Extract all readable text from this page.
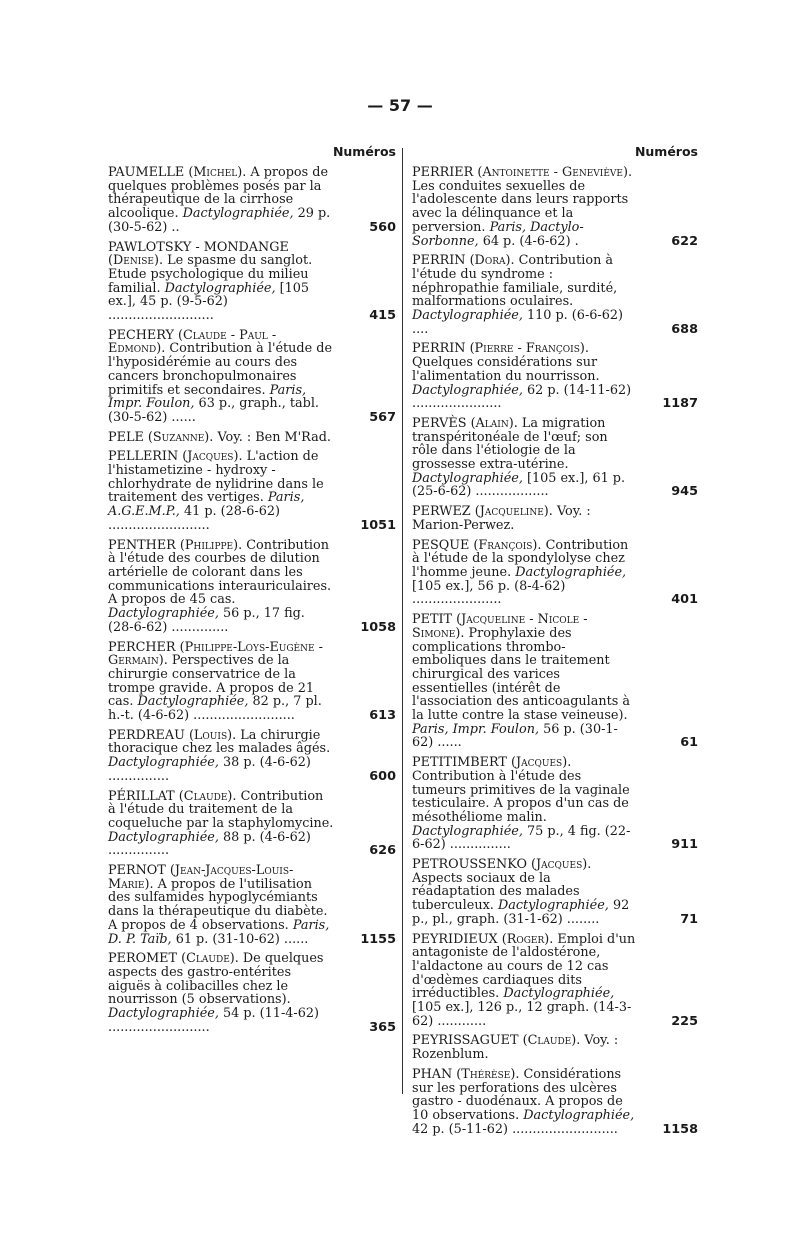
— 57 —
Numéros

PAUMELLE (Michel). A propos de quelques problèmes posés par la thérapeutique de la cirrhose alcoolique. Dactylographiée, 29 p. (30-5-62) ..	560

PAWLOTSKY - MONDANGE (Denise). Le spasme du sanglot. Etude psychologique du milieu familial. Dactylographiée, [105 ex.], 45 p. (9-5-62) ..........................	415

PECHERY (Claude - Paul - Edmond). Contribution à l'étude de l'hyposidérémie au cours des cancers bronchopulmonaires primitifs et secondaires. Paris, Impr. Foulon, 63 p., graph., tabl. (30-5-62) ......	567

PELE (Suzanne). Voy. : Ben M'Rad.

PELLERIN (Jacques). L'action de l'histametizine - hydroxy - chlorhydrate de nylidrine dans le traitement des vertiges. Paris, A.G.E.M.P., 41 p. (28-6-62) .........................	1051

PENTHER (Philippe). Contribution à l'étude des courbes de dilution artérielle de colorant dans les communications interauriculaires. A propos de 45 cas. Dactylographiée, 56 p., 17 fig. (28-6-62) ..............	1058

PERCHER (Philippe-Loys-Eugène - Germain). Perspectives de la chirurgie conservatrice de la trompe gravide. A propos de 21 cas. Dactylographiée, 82 p., 7 pl. h.-t. (4-6-62) .........................	613

PERDREAU (Louis). La chirurgie thoracique chez les malades âgés. Dactylographiée, 38 p. (4-6-62) ...............	600

PÉRILLAT (Claude). Contribution à l'étude du traitement de la coqueluche par la staphylomycine. Dactylographiée, 88 p. (4-6-62) ...............	626

PERNOT (Jean-Jacques-Louis-Marie). A propos de l'utilisation des sulfamides hypoglycémiants dans la thérapeutique du diabète. A propos de 4 observations. Paris, D. P. Taïb, 61 p. (31-10-62) ......	1155

PEROMET (Claude). De quelques aspects des gastro-entérites aiguës à colibacilles chez le nourrisson (5 observations). Dactylographiée, 54 p. (11-4-62) .........................	365
Numéros

PERRIER (Antoinette - Geneviève). Les conduites sexuelles de l'adolescente dans leurs rapports avec la délinquance et la perversion. Paris, Dactylo-Sorbonne, 64 p. (4-6-62) .	622

PERRIN (Dora). Contribution à l'étude du syndrome : néphropathie familiale, surdité, malformations oculaires. Dactylographiée, 110 p. (6-6-62) ....	688

PERRIN (Pierre - François). Quelques considérations sur l'alimentation du nourrisson. Dactylographiée, 62 p. (14-11-62) ......................	1187

PERVÈS (Alain). La migration transpéritonéale de l'œuf; son rôle dans l'étiologie de la grossesse extra-utérine. Dactylographiée, [105 ex.], 61 p. (25-6-62) ..................	945

PERWEZ (Jacqueline). Voy. : Marion-Perwez.

PESQUE (François). Contribution à l'étude de la spondylolyse chez l'homme jeune. Dactylographiée, [105 ex.], 56 p. (8-4-62) ......................	401

PETIT (Jacqueline - Nicole - Simone). Prophylaxie des complications thrombo-emboliques dans le traitement chirurgical des varices essentielles (intérêt de l'association des anticoagulants à la lutte contre la stase veineuse). Paris, Impr. Foulon, 56 p. (30-1-62) ......	61

PETITIMBERT (Jacques). Contribution à l'étude des tumeurs primitives de la vaginale testiculaire. A propos d'un cas de mésothéliome malin. Dactylographiée, 75 p., 4 fig. (22-6-62) ...............	911

PETROUSSENKO (Jacques). Aspects sociaux de la réadaptation des malades tuberculeux. Dactylographiée, 92 p., pl., graph. (31-1-62) ........	71

PEYRIDIEUX (Roger). Emploi d'un antagoniste de l'aldostérone, l'aldactone au cours de 12 cas d'œdèmes cardiaques dits irréductibles. Dactylographiée, [105 ex.], 126 p., 12 graph. (14-3-62) ............	225

PEYRISSAGUET (Claude). Voy. : Rozenblum.

PHAN (Thérèse). Considérations sur les perforations des ulcères gastro - duodénaux. A propos de 10 observations. Dactylographiée, 42 p. (5-11-62) ..........................	1158
